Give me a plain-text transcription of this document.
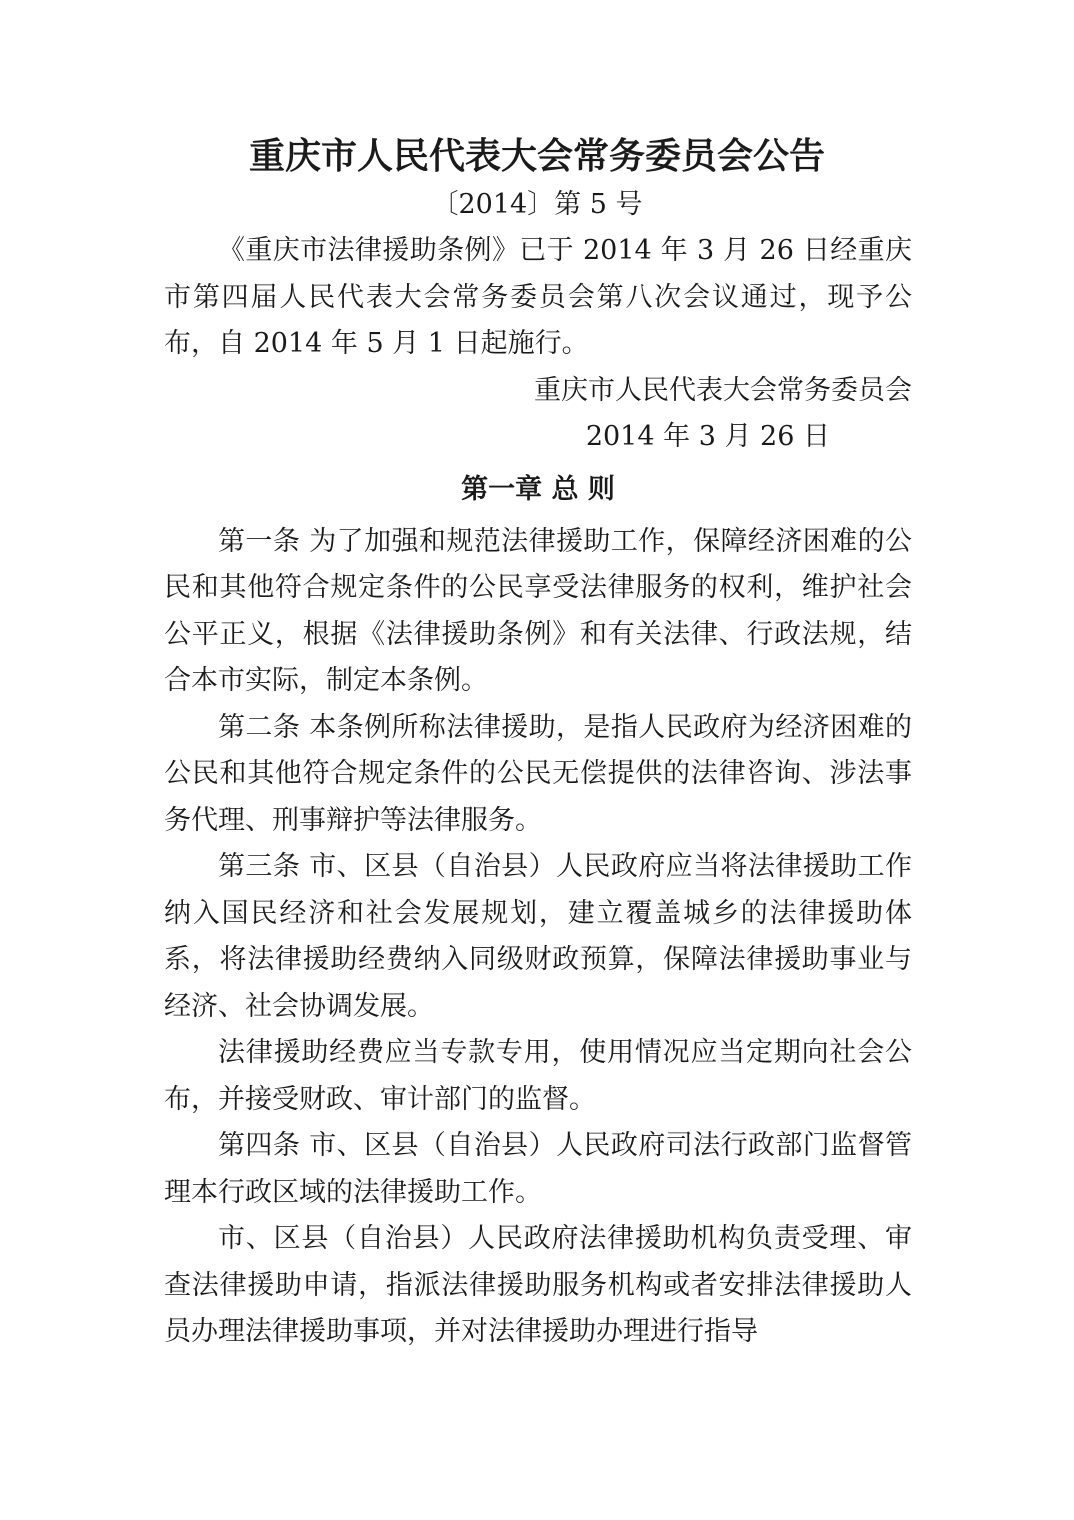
重庆市人民代表大会常务委员会公告
〔2014〕第 5 号

《重庆市法律援助条例》已于 2014 年 3 月 26 日经重庆市第四届人民代表大会常务委员会第八次会议通过，现予公布，自 2014 年 5 月 1 日起施行。

重庆市人民代表大会常务委员会

2014 年 3 月 26 日

第一章 总 则

第一条 为了加强和规范法律援助工作，保障经济困难的公民和其他符合规定条件的公民享受法律服务的权利，维护社会公平正义，根据《法律援助条例》和有关法律、行政法规，结合本市实际，制定本条例。

第二条 本条例所称法律援助，是指人民政府为经济困难的公民和其他符合规定条件的公民无偿提供的法律咨询、涉法事务代理、刑事辩护等法律服务。

第三条 市、区县（自治县）人民政府应当将法律援助工作纳入国民经济和社会发展规划，建立覆盖城乡的法律援助体系，将法律援助经费纳入同级财政预算，保障法律援助事业与经济、社会协调发展。

法律援助经费应当专款专用，使用情况应当定期向社会公布，并接受财政、审计部门的监督。

第四条 市、区县（自治县）人民政府司法行政部门监督管理本行政区域的法律援助工作。

市、区县（自治县）人民政府法律援助机构负责受理、审查法律援助申请，指派法律援助服务机构或者安排法律援助人员办理法律援助事项，并对法律援助办理进行指导
